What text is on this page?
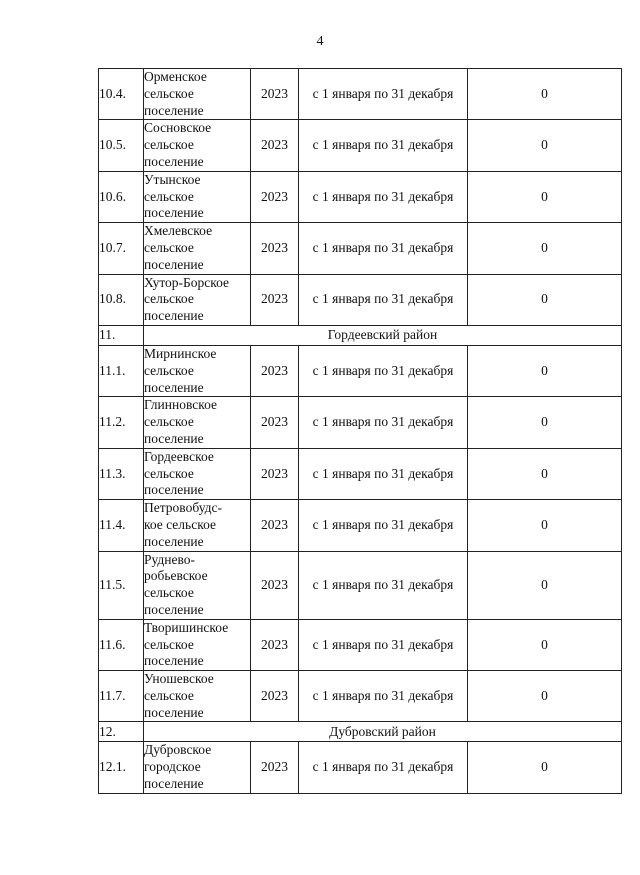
4
10.4.	Орменское
сельское
поселение	2023	с 1 января по 31 декабря	0
10.5.	Сосновское
сельское
поселение	2023	с 1 января по 31 декабря	0
10.6.	Утынское
сельское
поселение	2023	с 1 января по 31 декабря	0
10.7.	Хмелевское
сельское
поселение	2023	с 1 января по 31 декабря	0
10.8.	Хутор-Борское
сельское
поселение	2023	с 1 января по 31 декабря	0
11.	Гордеевский район			
11.1.	Мирнинское
сельское
поселение	2023	с 1 января по 31 декабря	0
11.2.	Глинновское
сельское
поселение	2023	с 1 января по 31 декабря	0
11.3.	Гордеевское
сельское
поселение	2023	с 1 января по 31 декабря	0
11.4.	Петровобудс-
кое сельское
поселение	2023	с 1 января по 31 декабря	0
11.5.	Руднево-
робьевское
сельское
поселение	2023	с 1 января по 31 декабря	0
11.6.	Творишинское
сельское
поселение	2023	с 1 января по 31 декабря	0
11.7.	Уношевское
сельское
поселение	2023	с 1 января по 31 декабря	0
12.	Дубровский район			
12.1.	Дубровское
городское
поселение	2023	с 1 января по 31 декабря	0
